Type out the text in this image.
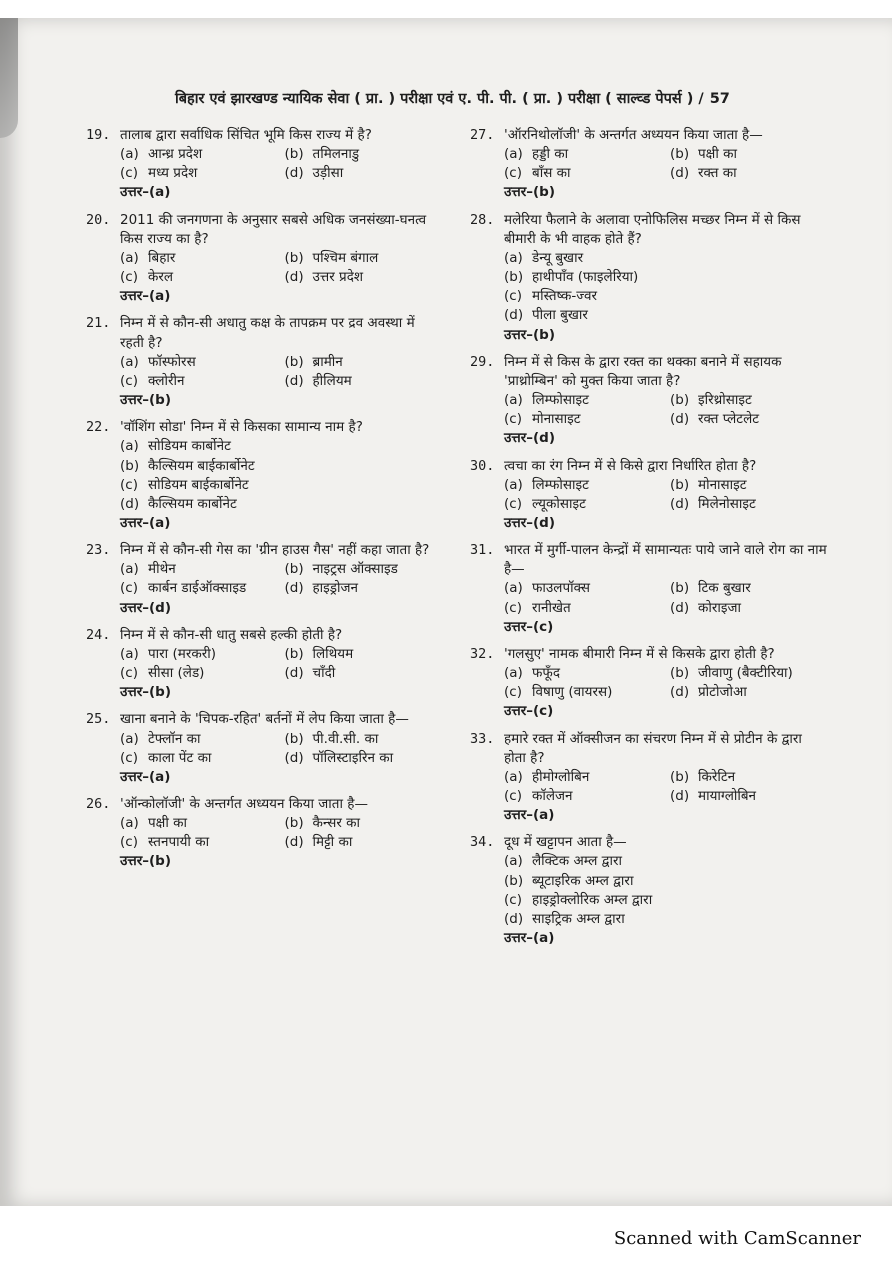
बिहार एवं झारखण्ड न्यायिक सेवा ( प्रा. ) परीक्षा एवं ए. पी. पी. ( प्रा. ) परीक्षा ( साल्व्ड पेपर्स ) / 57
19. तालाब द्वारा सर्वाधिक सिंचित भूमि किस राज्य में है?
(a) आन्ध्र प्रदेश	(b) तमिलनाडु
(c) मध्य प्रदेश	(d) उड़ीसा
उत्तर–(a)
20. 2011 की जनगणना के अनुसार सबसे अधिक जनसंख्या-घनत्व किस राज्य का है?
(a) बिहार	(b) पश्चिम बंगाल
(c) केरल	(d) उत्तर प्रदेश
उत्तर–(a)
21. निम्न में से कौन-सी अधातु कक्ष के तापक्रम पर द्रव अवस्था में रहती है?
(a) फॉस्फोरस	(b) ब्रामीन
(c) क्लोरीन	(d) हीलियम
उत्तर–(b)
22. 'वॉशिंग सोडा' निम्न में से किसका सामान्य नाम है?
(a) सोडियम कार्बोनेट
(b) कैल्सियम बाईकार्बोनेट
(c) सोडियम बाईकार्बोनेट
(d) कैल्सियम कार्बोनेट
उत्तर–(a)
23. निम्न में से कौन-सी गेस का 'ग्रीन हाउस गैस' नहीं कहा जाता है?
(a) मीथेन	(b) नाइट्रस ऑक्साइड
(c) कार्बन डाईऑक्साइड	(d) हाइड्रोजन
उत्तर–(d)
24. निम्न में से कौन-सी धातु सबसे हल्की होती है?
(a) पारा (मरकरी)	(b) लिथियम
(c) सीसा (लेड)	(d) चाँदी
उत्तर–(b)
25. खाना बनाने के 'चिपक-रहित' बर्तनों में लेप किया जाता है—
(a) टेफ्लॉन का	(b) पी.वी.सी. का
(c) काला पेंट का	(d) पॉलिस्टाइरिन का
उत्तर–(a)
26. 'ऑन्कोलॉजी' के अन्तर्गत अध्ययन किया जाता है—
(a) पक्षी का	(b) कैन्सर का
(c) स्तनपायी का	(d) मिट्टी का
उत्तर–(b)
27. 'ऑरनिथोलॉजी' के अन्तर्गत अध्ययन किया जाता है—
(a) हड्डी का	(b) पक्षी का
(c) बाँस का	(d) रक्त का
उत्तर–(b)
28. मलेरिया फैलाने के अलावा एनोफिलिस मच्छर निम्न में से किस बीमारी के भी वाहक होते हैं?
(a) डेन्यू बुखार
(b) हाथीपाँव (फाइलेरिया)
(c) मस्तिष्क-ज्वर
(d) पीला बुखार
उत्तर–(b)
29. निम्न में से किस के द्वारा रक्त का थक्का बनाने में सहायक 'प्राथ्रोम्बिन' को मुक्त किया जाता है?
(a) लिम्फोसाइट	(b) इरिथ्रोसाइट
(c) मोनासाइट	(d) रक्त प्लेटलेट
उत्तर–(d)
30. त्वचा का रंग निम्न में से किसे द्वारा निर्धारित होता है?
(a) लिम्फोसाइट	(b) मोनासाइट
(c) ल्यूकोसाइट	(d) मिलेनोसाइट
उत्तर–(d)
31. भारत में मुर्गी-पालन केन्द्रों में सामान्यतः पाये जाने वाले रोग का नाम है—
(a) फाउलपॉक्स	(b) टिक बुखार
(c) रानीखेत	(d) कोराइजा
उत्तर–(c)
32. 'गलसुए' नामक बीमारी निम्न में से किसके द्वारा होती है?
(a) फफूँद	(b) जीवाणु (बैक्टीरिया)
(c) विषाणु (वायरस)	(d) प्रोटोजोआ
उत्तर–(c)
33. हमारे रक्त में ऑक्सीजन का संचरण निम्न में से प्रोटीन के द्वारा होता है?
(a) हीमोग्लोबिन	(b) किरेटिन
(c) कॉलेजन	(d) मायाग्लोबिन
उत्तर–(a)
34. दूध में खट्टापन आता है—
(a) लैक्टिक अम्ल द्वारा
(b) ब्यूटाइरिक अम्ल द्वारा
(c) हाइड्रोक्लोरिक अम्ल द्वारा
(d) साइट्रिक अम्ल द्वारा
उत्तर–(a)
Scanned with CamScanner
